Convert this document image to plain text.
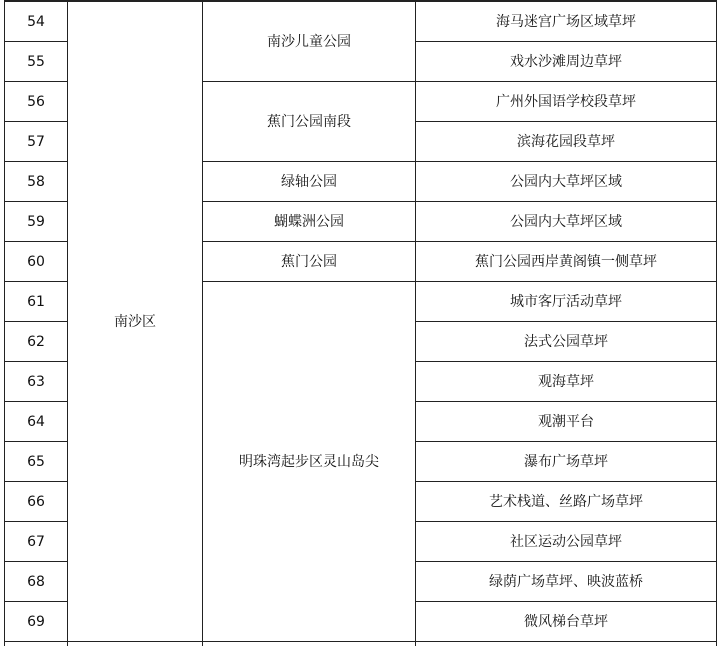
54	南沙区	南沙儿童公园	海马迷宫广场区域草坪
55			戏水沙滩周边草坪
56		蕉门公园南段	广州外国语学校段草坪
57			滨海花园段草坪
58		绿轴公园	公园内大草坪区域
59		蝴蝶洲公园	公园内大草坪区域
60		蕉门公园	蕉门公园西岸黄阁镇一侧草坪
61		明珠湾起步区灵山岛尖	城市客厅活动草坪
62			法式公园草坪
63			观海草坪
64			观潮平台
65			瀑布广场草坪
66			艺术栈道、丝路广场草坪
67			社区运动公园草坪
68			绿荫广场草坪、映波蓝桥
69			微风梯台草坪
